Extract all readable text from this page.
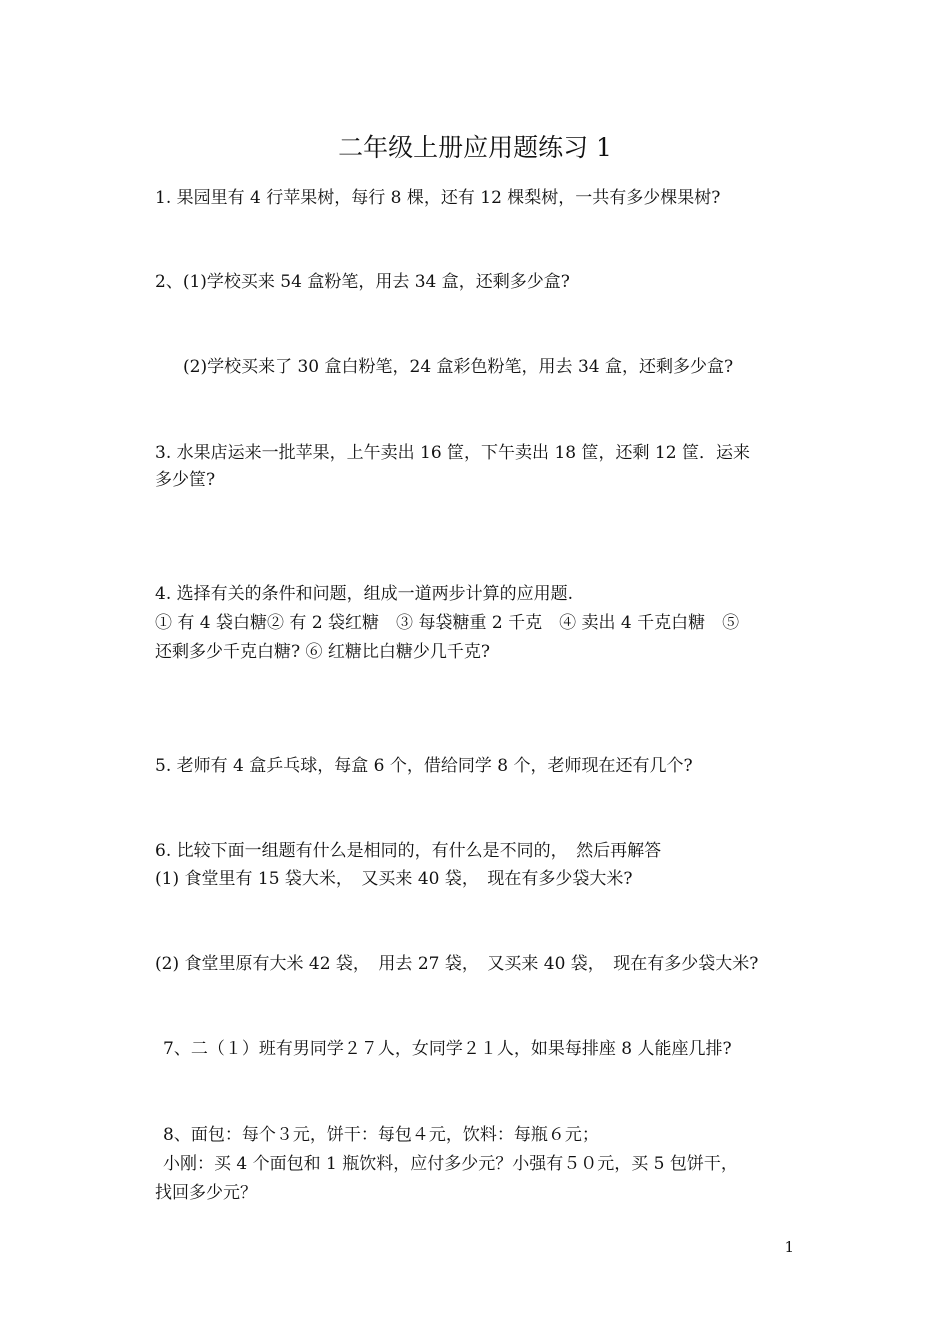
二年级上册应用题练习 1
1. 果园里有 4 行苹果树，每行 8 棵，还有 12 棵梨树，一共有多少棵果树?
2、(1)学校买来 54 盒粉笔，用去 34 盒，还剩多少盒?
(2)学校买来了 30 盒白粉笔，24 盒彩色粉笔，用去 34 盒，还剩多少盒?
3. 水果店运来一批苹果，上午卖出 16 筐，下午卖出 18 筐，还剩 12 筐．运来
多少筐?
4. 选择有关的条件和问题，组成一道两步计算的应用题.
① 有 4 袋白糖② 有 2 袋红糖　③ 每袋糖重 2 千克　④ 卖出 4 千克白糖　⑤
还剩多少千克白糖? ⑥ 红糖比白糖少几千克?
5. 老师有 4 盒乒乓球，每盒 6 个，借给同学 8 个，老师现在还有几个?
6. 比较下面一组题有什么是相同的，有什么是不同的，　然后再解答
(1) 食堂里有 15 袋大米，　又买来 40 袋，　现在有多少袋大米?
(2) 食堂里原有大米 42 袋，　用去 27 袋，　又买来 40 袋，　现在有多少袋大米?
7、二（１）班有男同学２７人，女同学２１人，如果每排座 8 人能座几排?
8、面包：每个３元，饼干：每包４元，饮料：每瓶６元；
小刚：买 4 个面包和 1 瓶饮料，应付多少元？小强有５０元，买 5 包饼干，
找回多少元？
1
